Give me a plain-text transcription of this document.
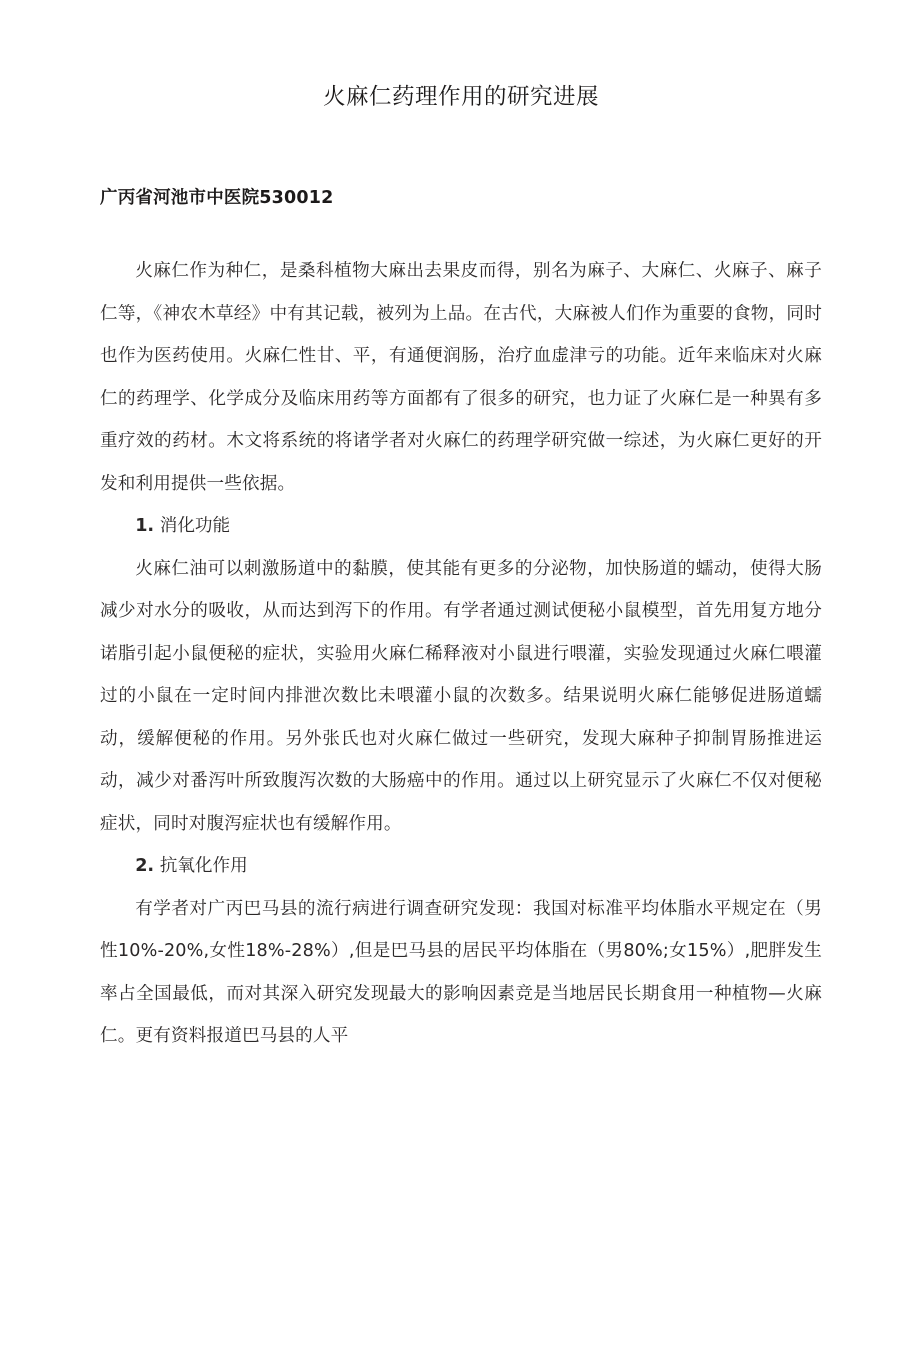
火麻仁药理作用的研究进展

广丙省河池市中医院530012

火麻仁作为种仁，是桑科植物大麻出去果皮而得，别名为麻子、大麻仁、火麻子、麻子仁等，《神农木草经》中有其记载，被列为上品。在古代，大麻被人们作为重要的食物，同时也作为医药使用。火麻仁性甘、平，有通便润肠，治疗血虚津亏的功能。近年来临床对火麻仁的药理学、化学成分及临床用药等方面都有了很多的研究，也力证了火麻仁是一种異有多重疗效的药材。木文将系统的将诸学者对火麻仁的药理学研究做一综述，为火麻仁更好的开发和利用提供一些依据。

1. 消化功能

火麻仁油可以刺激肠道中的黏膜，使其能有更多的分泌物，加快肠道的蠕动，使得大肠减少对水分的吸收，从而达到泻下的作用。有学者通过测试便秘小鼠模型，首先用复方地分诺脂引起小鼠便秘的症状，实验用火麻仁稀释液对小鼠进行喂灌，实验发现通过火麻仁喂灌过的小鼠在一定时间内排泄次数比未喂灌小鼠的次数多。结果说明火麻仁能够促进肠道蠕动，缓解便秘的作用。另外张氏也对火麻仁做过一些研究，发现大麻种子抑制胃肠推进运动，减少对番泻叶所致腹泻次数的大肠癌中的作用。通过以上研究显示了火麻仁不仅对便秘症状，同时对腹泻症状也有缓解作用。

2. 抗氧化作用

有学者对广丙巴马县的流行病进行调查研究发现：我国对标准平均体脂水平规定在（男性10%-20%,女性18%-28%）,但是巴马县的居民平均体脂在（男80%;女15%）,肥胖发生率占全国最低，而对其深入研究发现最大的影响因素竞是当地居民长期食用一种植物—火麻仁。更有资料报道巴马县的人平
